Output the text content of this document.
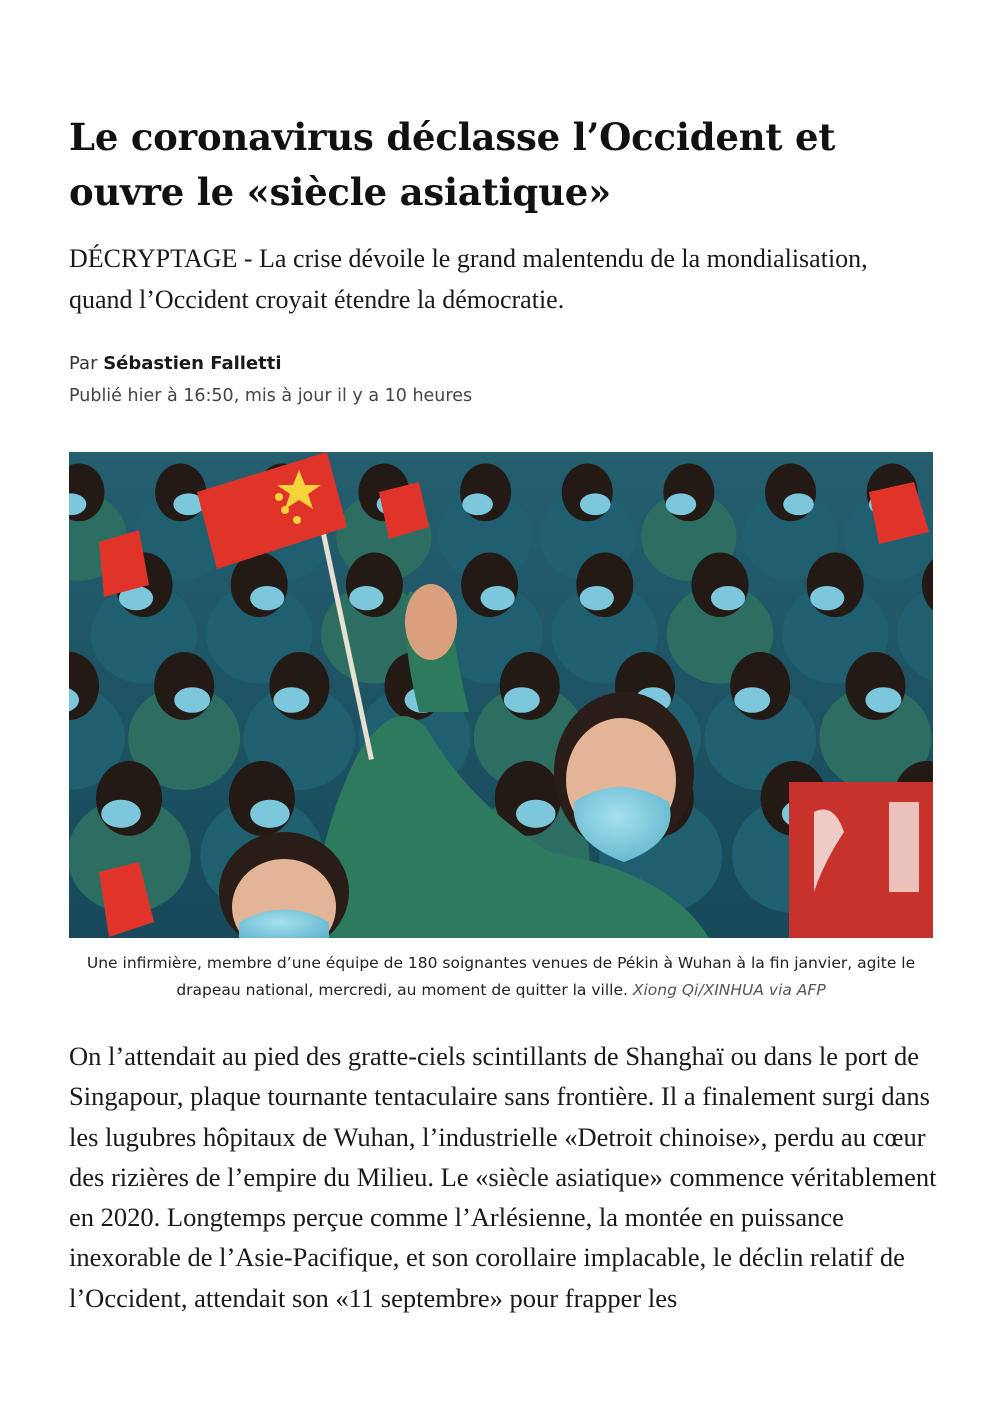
Le coronavirus déclasse l’Occident et ouvre le «siècle asiatique»

DÉCRYPTAGE - La crise dévoile le grand malentendu de la mondialisation, quand l’Occident croyait étendre la démocratie.

Par Sébastien Falletti
Publié hier à 16:50, mis à jour il y a 10 heures
Une infirmière, membre d’une équipe de 180 soignantes venues de Pékin à Wuhan à la fin janvier, agite le drapeau national, mercredi, au moment de quitter la ville. Xiong Qi/XINHUA via AFP

On l’attendait au pied des gratte-ciels scintillants de Shanghaï ou dans le port de Singapour, plaque tournante tentaculaire sans frontière. Il a finalement surgi dans les lugubres hôpitaux de Wuhan, l’industrielle «Detroit chinoise», perdu au cœur des rizières de l’empire du Milieu. Le «siècle asiatique» commence véritablement en 2020. Longtemps perçue comme l’Arlésienne, la montée en puissance inexorable de l’Asie-Pacifique, et son corollaire implacable, le déclin relatif de l’Occident, attendait son «11 septembre» pour frapper les
